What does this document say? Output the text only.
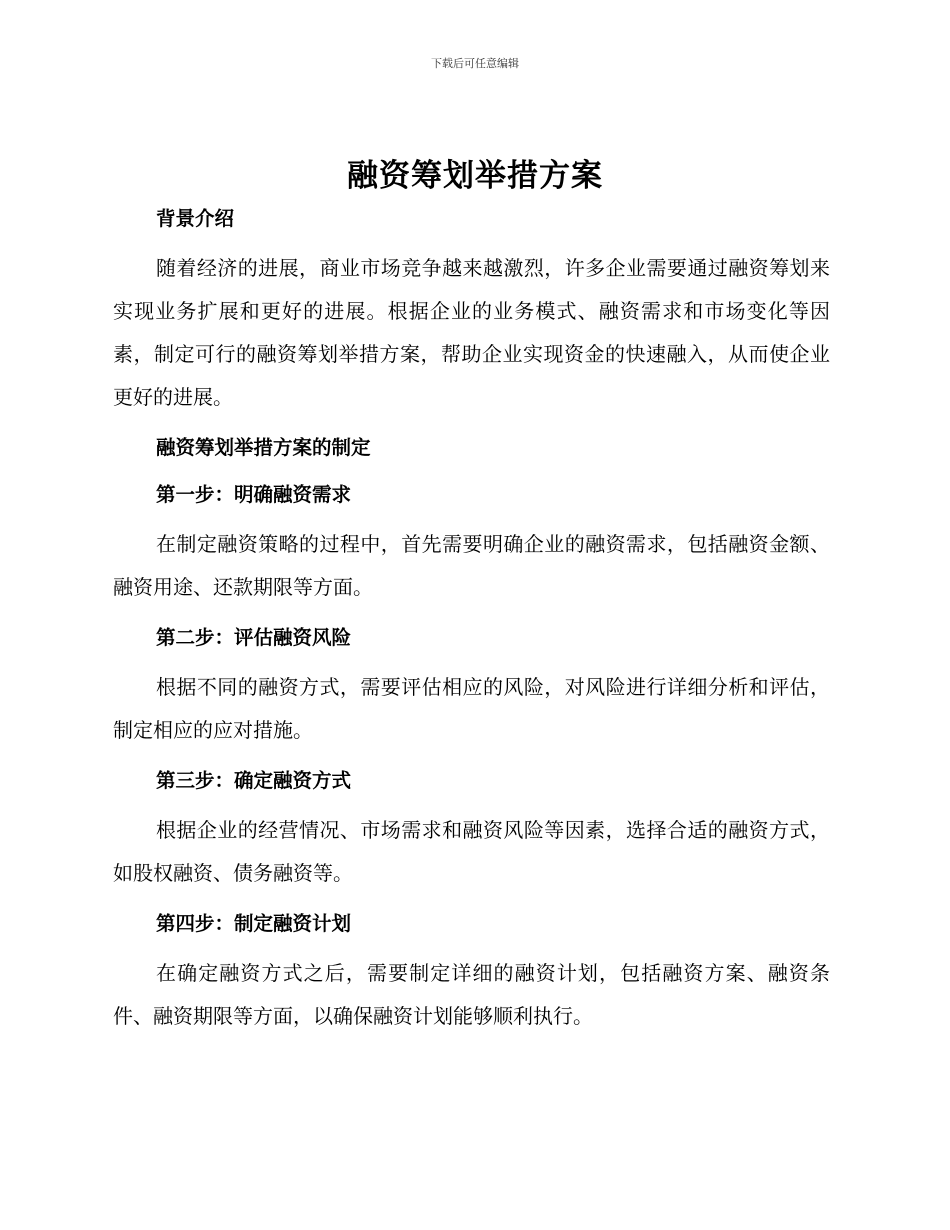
下载后可任意编辑
融资筹划举措方案

背景介绍

随着经济的进展，商业市场竞争越来越激烈，许多企业需要通过融资筹划来实现业务扩展和更好的进展。根据企业的业务模式、融资需求和市场变化等因素，制定可行的融资筹划举措方案，帮助企业实现资金的快速融入，从而使企业更好的进展。

融资筹划举措方案的制定

第一步：明确融资需求

在制定融资策略的过程中，首先需要明确企业的融资需求，包括融资金额、融资用途、还款期限等方面。

第二步：评估融资风险

根据不同的融资方式，需要评估相应的风险，对风险进行详细分析和评估，制定相应的应对措施。

第三步：确定融资方式

根据企业的经营情况、市场需求和融资风险等因素，选择合适的融资方式，如股权融资、债务融资等。

第四步：制定融资计划

在确定融资方式之后，需要制定详细的融资计划，包括融资方案、融资条件、融资期限等方面，以确保融资计划能够顺利执行。
